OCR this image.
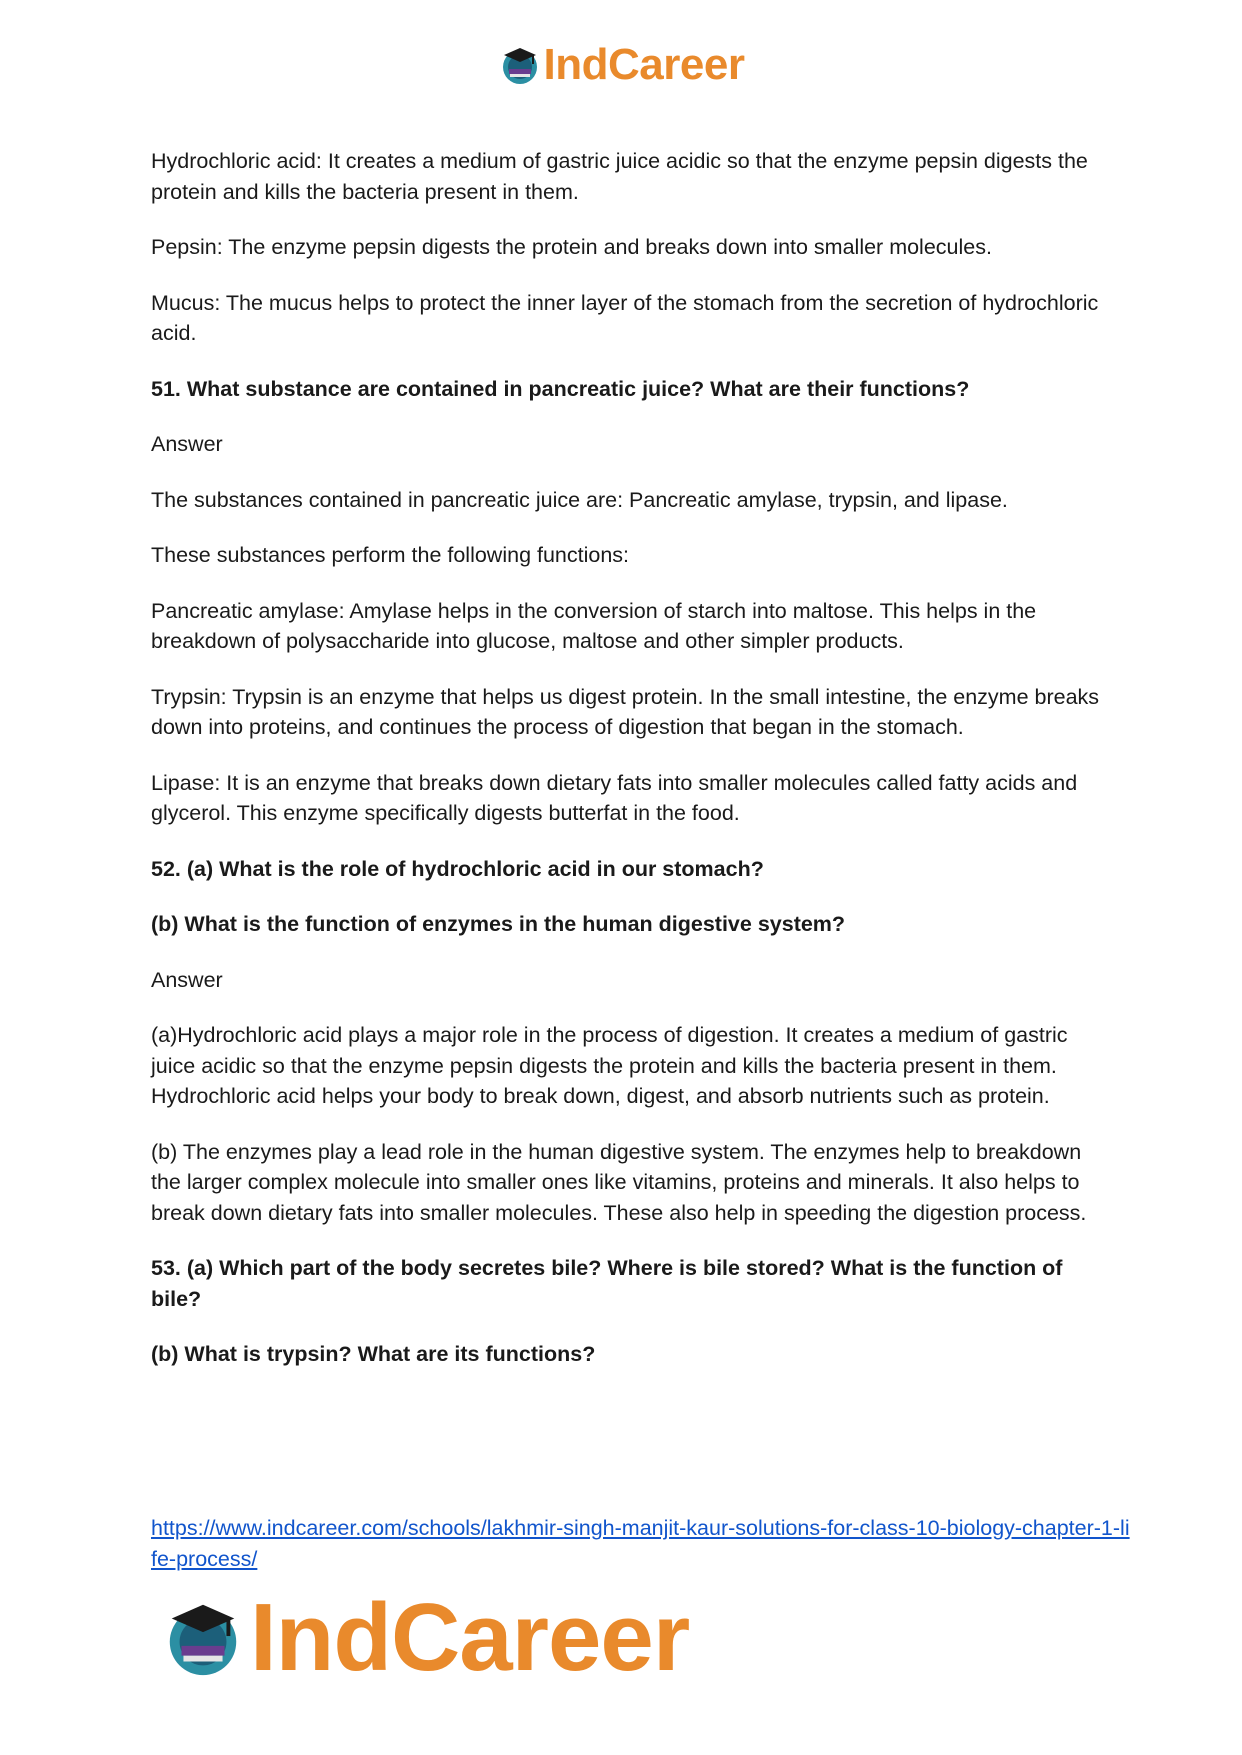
IndCareer

Hydrochloric acid: It creates a medium of gastric juice acidic so that the enzyme pepsin digests the protein and kills the bacteria present in them.

Pepsin: The enzyme pepsin digests the protein and breaks down into smaller molecules.

Mucus: The mucus helps to protect the inner layer of the stomach from the secretion of hydrochloric acid.

51. What substance are contained in pancreatic juice? What are their functions?

Answer

The substances contained in pancreatic juice are: Pancreatic amylase, trypsin, and lipase.

These substances perform the following functions:

Pancreatic amylase: Amylase helps in the conversion of starch into maltose. This helps in the breakdown of polysaccharide into glucose, maltose and other simpler products.

Trypsin: Trypsin is an enzyme that helps us digest protein. In the small intestine, the enzyme breaks down into proteins, and continues the process of digestion that began in the stomach.

Lipase: It is an enzyme that breaks down dietary fats into smaller molecules called fatty acids and glycerol. This enzyme specifically digests butterfat in the food.

52. (a) What is the role of hydrochloric acid in our stomach?

(b) What is the function of enzymes in the human digestive system?

Answer

(a)Hydrochloric acid plays a major role in the process of digestion. It creates a medium of gastric juice acidic so that the enzyme pepsin digests the protein and kills the bacteria present in them. Hydrochloric acid helps your body to break down, digest, and absorb nutrients such as protein.

(b) The enzymes play a lead role in the human digestive system. The enzymes help to breakdown the larger complex molecule into smaller ones like vitamins, proteins and minerals. It also helps to break down dietary fats into smaller molecules. These also help in speeding the digestion process.

53. (a) Which part of the body secretes bile? Where is bile stored? What is the function of bile?

(b) What is trypsin? What are its functions?

https://www.indcareer.com/schools/lakhmir-singh-manjit-kaur-solutions-for-class-10-biology-chapter-1-life-process/
IndCareer
